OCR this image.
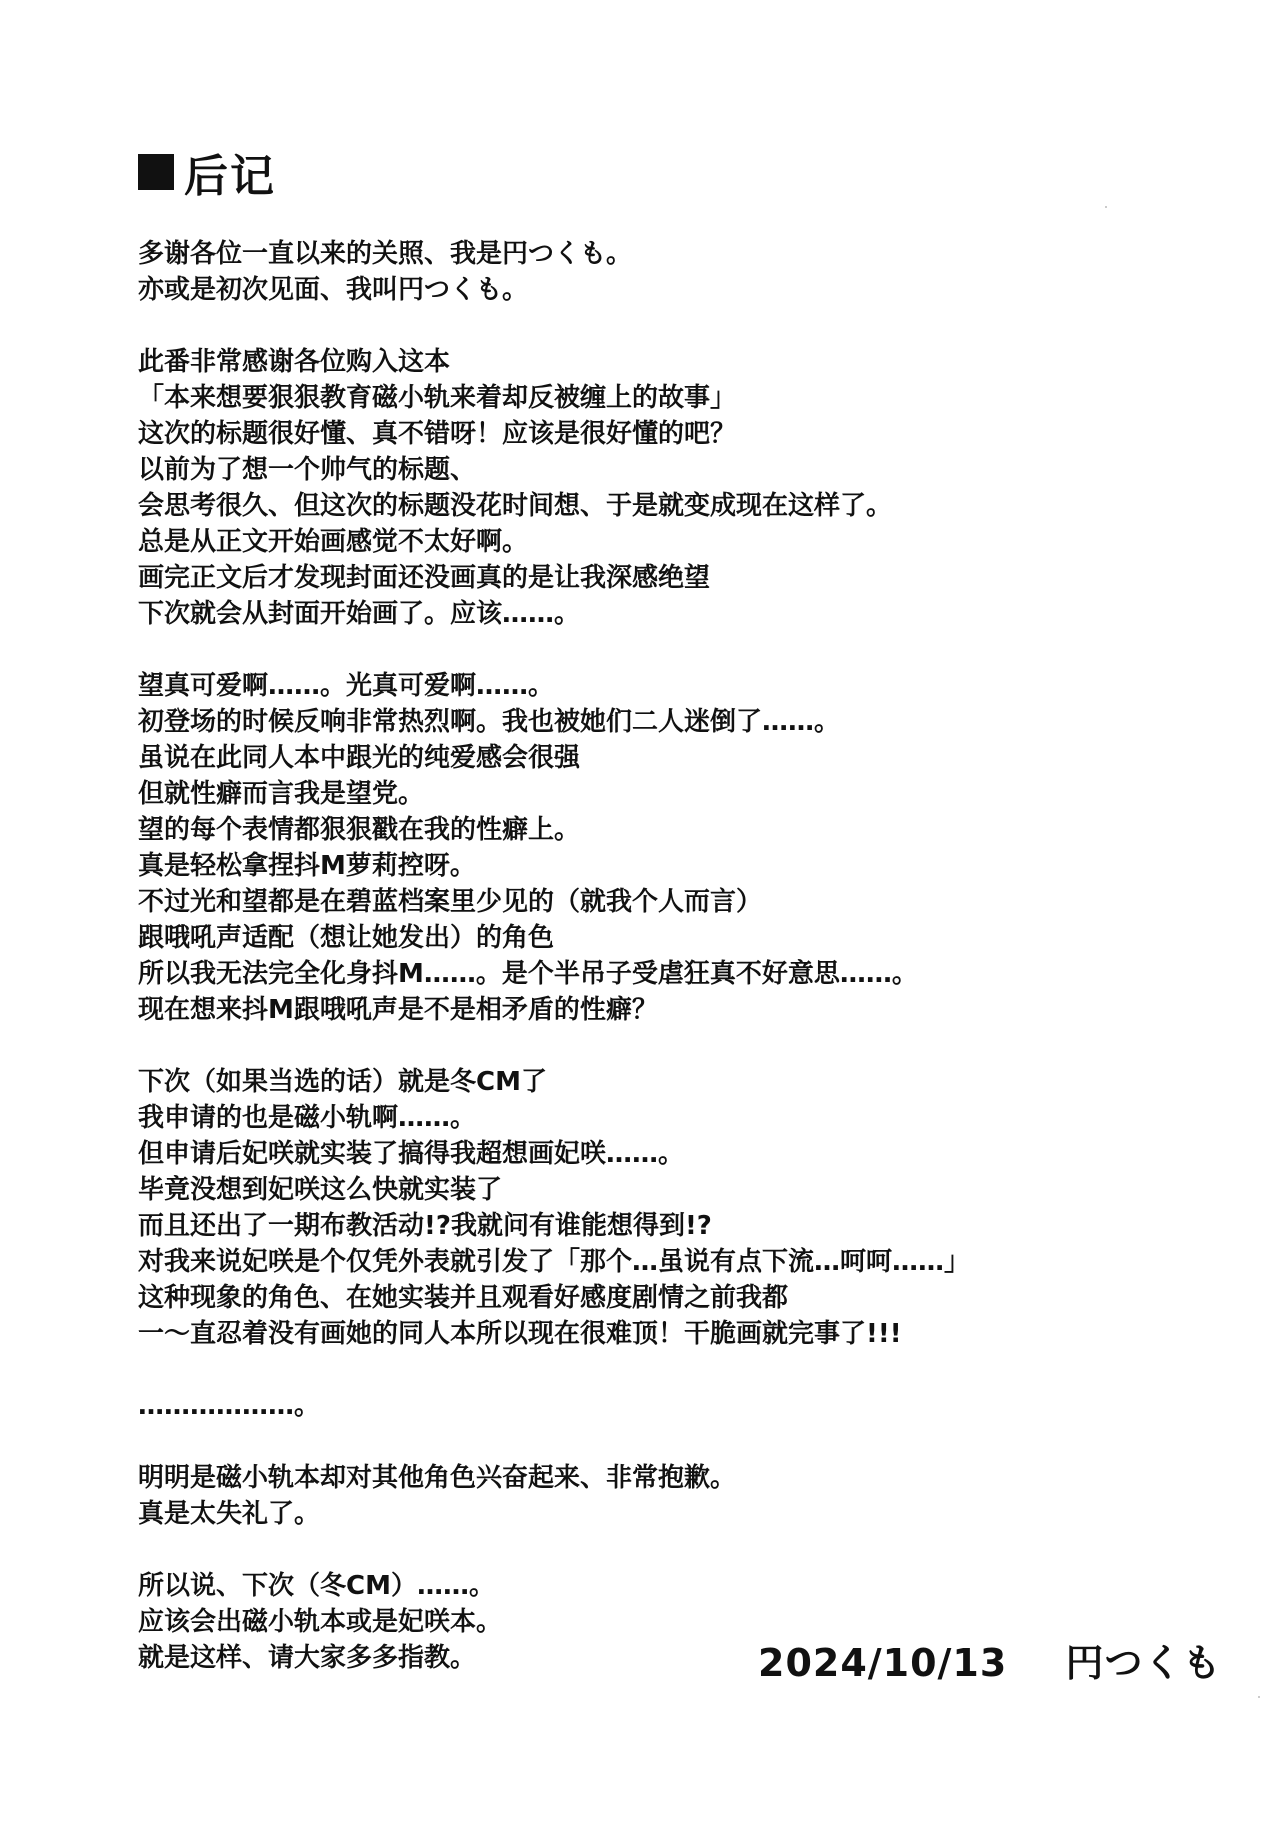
后记
多谢各位一直以来的关照、我是円つくも。
亦或是初次见面、我叫円つくも。
此番非常感谢各位购入这本
「本来想要狠狠教育磁小轨来着却反被缠上的故事」
这次的标题很好懂、真不错呀！应该是很好懂的吧？
以前为了想一个帅气的标题、
会思考很久、但这次的标题没花时间想、于是就变成现在这样了。
总是从正文开始画感觉不太好啊。
画完正文后才发现封面还没画真的是让我深感绝望
下次就会从封面开始画了。应该……。
望真可爱啊……。光真可爱啊……。
初登场的时候反响非常热烈啊。我也被她们二人迷倒了……。
虽说在此同人本中跟光的纯爱感会很强
但就性癖而言我是望党。
望的每个表情都狠狠戳在我的性癖上。
真是轻松拿捏抖M萝莉控呀。
不过光和望都是在碧蓝档案里少见的（就我个人而言）
跟哦吼声适配（想让她发出）的角色
所以我无法完全化身抖M……。是个半吊子受虐狂真不好意思……。
现在想来抖M跟哦吼声是不是相矛盾的性癖？
下次（如果当选的话）就是冬CM了
我申请的也是磁小轨啊……。
但申请后妃咲就实装了搞得我超想画妃咲……。
毕竟没想到妃咲这么快就实装了
而且还出了一期布教活动!?我就问有谁能想得到!?
对我来说妃咲是个仅凭外表就引发了「那个…虽说有点下流…呵呵……」
这种现象的角色、在她实装并且观看好感度剧情之前我都
一〜直忍着没有画她的同人本所以现在很难顶！干脆画就完事了!!!
………………。
明明是磁小轨本却对其他角色兴奋起来、非常抱歉。
真是太失礼了。
所以说、下次（冬CM）……。
应该会出磁小轨本或是妃咲本。
就是这样、请大家多多指教。	2024/10/13 円つくも
